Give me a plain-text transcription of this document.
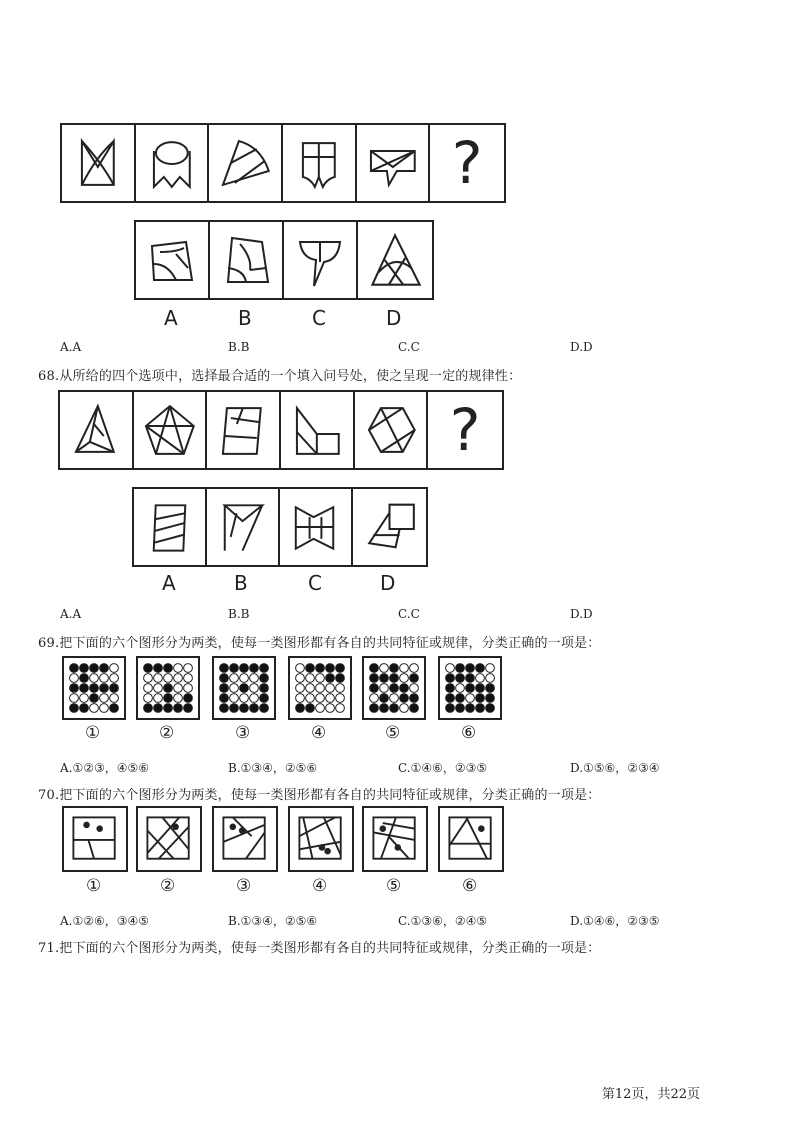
?
A	B	C	D
A.A	B.B	C.C	D.D
68.从所给的四个选项中，选择最合适的一个填入问号处，使之呈现一定的规律性：
?
A	B	C	D
A.A	B.B	C.C	D.D
69.把下面的六个图形分为两类，使每一类图形都有各自的共同特征或规律，分类正确的一项是：
①	②	③	④	⑤	⑥
A.①②③，④⑤⑥	B.①③④，②⑤⑥	C.①④⑥，②③⑤	D.①⑤⑥，②③④
70.把下面的六个图形分为两类，使每一类图形都有各自的共同特征或规律，分类正确的一项是：
①	②	③	④	⑤	⑥
A.①②⑥，③④⑤	B.①③④，②⑤⑥	C.①③⑥，②④⑤	D.①④⑥，②③⑤
71.把下面的六个图形分为两类，使每一类图形都有各自的共同特征或规律，分类正确的一项是：
第12页，共22页
